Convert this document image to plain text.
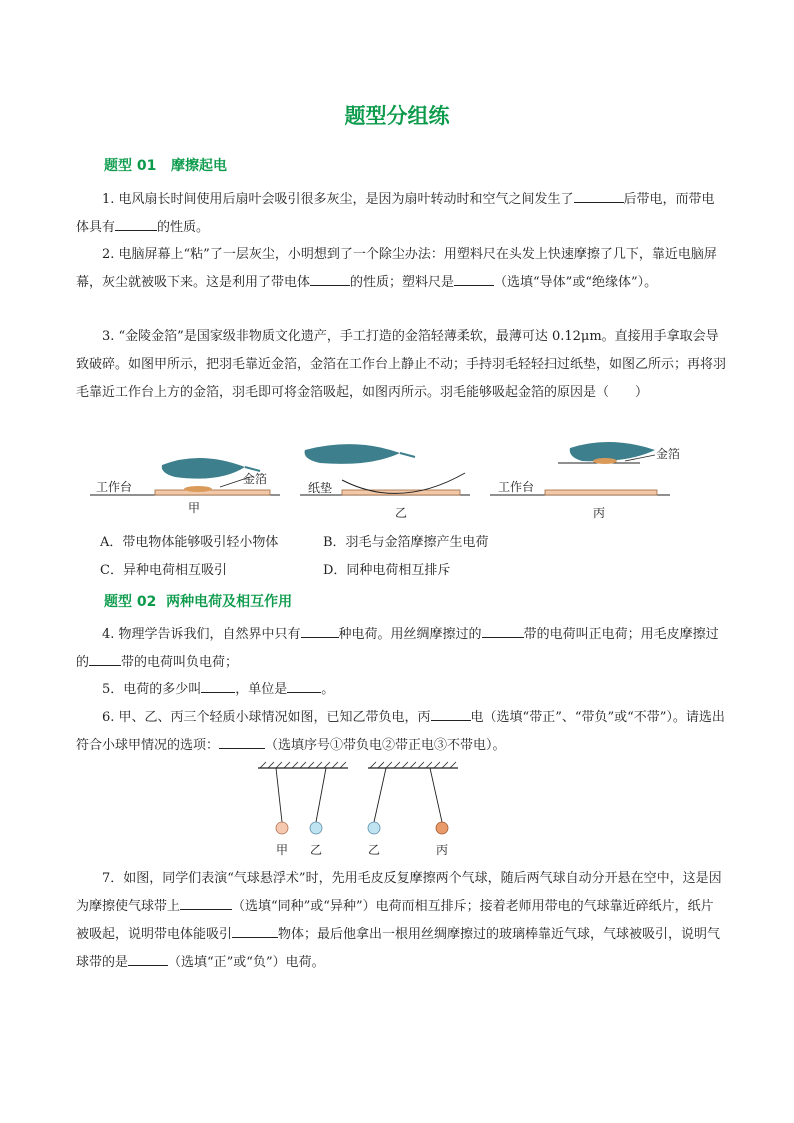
题型分组练
题型 01 摩擦起电

1. 电风扇长时间使用后扇叶会吸引很多灰尘，是因为扇叶转动时和空气之间发生了	后带电，而带电体具有	的性质。

2. 电脑屏幕上“粘”了一层灰尘，小明想到了一个除尘办法：用塑料尺在头发上快速摩擦了几下，靠近电脑屏幕，灰尘就被吸下来。这是利用了带电体	的性质；塑料尺是	（选填“导体”或“绝缘体”）。

3. “金陵金箔”是国家级非物质文化遗产，手工打造的金箔轻薄柔软，最薄可达 0.12μm。直接用手拿取会导致破碎。如图甲所示，把羽毛靠近金箔，金箔在工作台上静止不动；手持羽毛轻轻扫过纸垫，如图乙所示；再将羽毛靠近工作台上方的金箔，羽毛即可将金箔吸起，如图丙所示。羽毛能够吸起金箔的原因是（　　）

工作台
金箔
甲
纸垫
乙
金箔
工作台
丙
A．带电物体能够吸引轻小物体	B．羽毛与金箔摩擦产生电荷
C．异种电荷相互吸引	D．同种电荷相互排斥
题型 02 两种电荷及相互作用

4. 物理学告诉我们，自然界中只有	种电荷。用丝绸摩擦过的	带的电荷叫正电荷；用毛皮摩擦过的 带的电荷叫负电荷；

5．电荷的多少叫	，单位是	。

6. 甲、乙、丙三个轻质小球情况如图，已知乙带负电，丙	电（选填“带正”、“带负”或“不带”）。请选出符合小球甲情况的选项：	（选填序号①带负电②带正电③不带电）。

甲 乙	乙	丙

7．如图，同学们表演“气球悬浮术”时，先用毛皮反复摩擦两个气球，随后两气球自动分开悬在空中，这是因为摩擦使气球带上	（选填“同种”或“异种”）电荷而相互排斥；接着老师用带电的气球靠近碎纸片，纸片被吸起，说明带电体能吸引	物体；最后他拿出一根用丝绸摩擦过的玻璃棒靠近气球，气球被吸引，说明气球带的是	（选填“正”或“负”）电荷。
